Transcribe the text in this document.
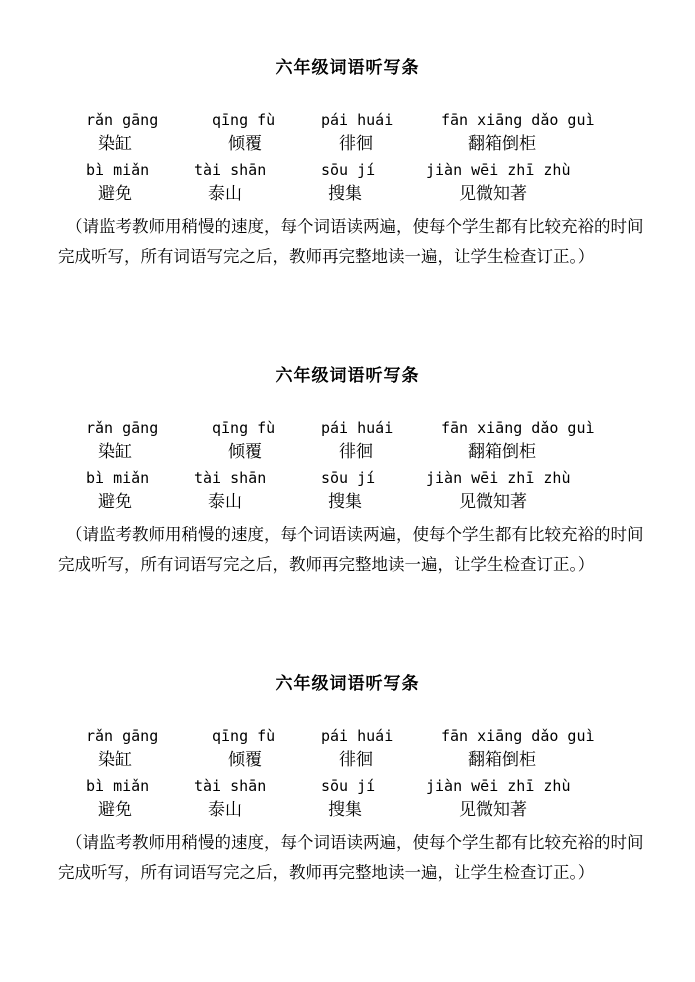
六年级词语听写条
rǎn gāng	qīng fù	pái huái	fān xiāng dǎo guì
染缸	倾覆	徘徊	翻箱倒柜
bì miǎn	tài shān	sōu jí	jiàn wēi zhī zhù
避免	泰山	搜集	见微知著
（请监考教师用稍慢的速度，每个词语读两遍，使每个学生都有比较充裕的时间完成听写，所有词语写完之后，教师再完整地读一遍，让学生检查订正。）
六年级词语听写条
rǎn gāng	qīng fù	pái huái	fān xiāng dǎo guì
染缸	倾覆	徘徊	翻箱倒柜
bì miǎn	tài shān	sōu jí	jiàn wēi zhī zhù
避免	泰山	搜集	见微知著
（请监考教师用稍慢的速度，每个词语读两遍，使每个学生都有比较充裕的时间完成听写，所有词语写完之后，教师再完整地读一遍，让学生检查订正。）
六年级词语听写条
rǎn gāng	qīng fù	pái huái	fān xiāng dǎo guì
染缸	倾覆	徘徊	翻箱倒柜
bì miǎn	tài shān	sōu jí	jiàn wēi zhī zhù
避免	泰山	搜集	见微知著
（请监考教师用稍慢的速度，每个词语读两遍，使每个学生都有比较充裕的时间完成听写，所有词语写完之后，教师再完整地读一遍，让学生检查订正。）
